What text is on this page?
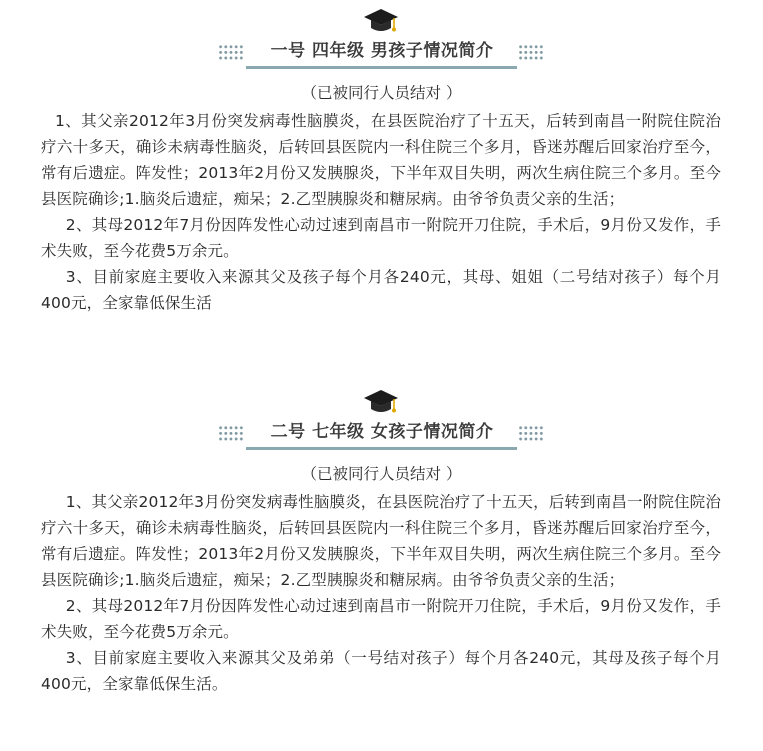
一号 四年级 男孩子情况简介
（已被同行人员结对 ）

1、其父亲2012年3月份突发病毒性脑膜炎，在县医院治疗了十五天，后转到南昌一附院住院治疗六十多天，确诊未病毒性脑炎，后转回县医院内一科住院三个多月，昏迷苏醒后回家治疗至今，常有后遗症。阵发性；2013年2月份又发胰腺炎，下半年双目失明，两次生病住院三个多月。至今县医院确诊;1.脑炎后遗症，痴呆；2.乙型胰腺炎和糖尿病。由爷爷负责父亲的生活；

2、其母2012年7月份因阵发性心动过速到南昌市一附院开刀住院，手术后，9月份又发作，手术失败，至今花费5万余元。

3、目前家庭主要收入来源其父及孩子每个月各240元，其母、姐姐（二号结对孩子）每个月400元，全家靠低保生活

二号 七年级 女孩子情况简介
（已被同行人员结对 ）

1、其父亲2012年3月份突发病毒性脑膜炎，在县医院治疗了十五天，后转到南昌一附院住院治疗六十多天，确诊未病毒性脑炎，后转回县医院内一科住院三个多月，昏迷苏醒后回家治疗至今，常有后遗症。阵发性；2013年2月份又发胰腺炎，下半年双目失明，两次生病住院三个多月。至今县医院确诊;1.脑炎后遗症，痴呆；2.乙型胰腺炎和糖尿病。由爷爷负责父亲的生活；

2、其母2012年7月份因阵发性心动过速到南昌市一附院开刀住院，手术后，9月份又发作，手术失败，至今花费5万余元。

3、目前家庭主要收入来源其父及弟弟（一号结对孩子）每个月各240元，其母及孩子每个月400元，全家靠低保生活。
